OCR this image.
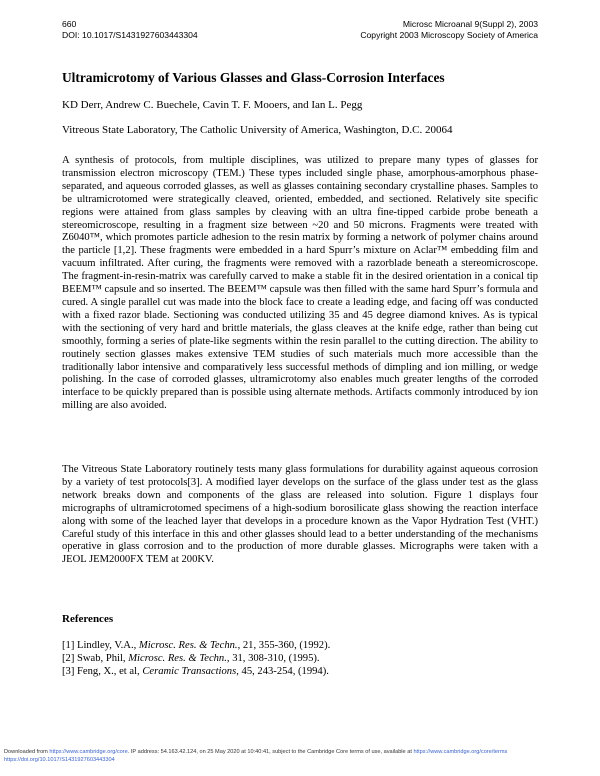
660
DOI: 10.1017/S1431927603443304
Microsc Microanal 9(Suppl 2), 2003
Copyright 2003 Microscopy Society of America
Ultramicrotomy of Various Glasses and Glass-Corrosion Interfaces
KD Derr, Andrew C. Buechele, Cavin T. F. Mooers, and Ian L. Pegg
Vitreous State Laboratory, The Catholic University of America, Washington, D.C. 20064
A synthesis of protocols, from multiple disciplines, was utilized to prepare many types of glasses for transmission electron microscopy (TEM.) These types included single phase, amorphous-amorphous phase-separated, and aqueous corroded glasses, as well as glasses containing secondary crystalline phases. Samples to be ultramicrotomed were strategically cleaved, oriented, embedded, and sectioned. Relatively site specific regions were attained from glass samples by cleaving with an ultra fine-tipped carbide probe beneath a stereomicroscope, resulting in a fragment size between ~20 and 50 microns. Fragments were treated with Z6040™, which promotes particle adhesion to the resin matrix by forming a network of polymer chains around the particle [1,2]. These fragments were embedded in a hard Spurr’s mixture on Aclar™ embedding film and vacuum infiltrated. After curing, the fragments were removed with a razorblade beneath a stereomicroscope. The fragment-in-resin-matrix was carefully carved to make a stable fit in the desired orientation in a conical tip BEEM™ capsule and so inserted. The BEEM™ capsule was then filled with the same hard Spurr’s formula and cured. A single parallel cut was made into the block face to create a leading edge, and facing off was conducted with a fixed razor blade. Sectioning was conducted utilizing 35 and 45 degree diamond knives. As is typical with the sectioning of very hard and brittle materials, the glass cleaves at the knife edge, rather than being cut smoothly, forming a series of plate-like segments within the resin parallel to the cutting direction. The ability to routinely section glasses makes extensive TEM studies of such materials much more accessible than the traditionally labor intensive and comparatively less successful methods of dimpling and ion milling, or wedge polishing. In the case of corroded glasses, ultramicrotomy also enables much greater lengths of the corroded interface to be quickly prepared than is possible using alternate methods. Artifacts commonly introduced by ion milling are also avoided.
The Vitreous State Laboratory routinely tests many glass formulations for durability against aqueous corrosion by a variety of test protocols[3]. A modified layer develops on the surface of the glass under test as the glass network breaks down and components of the glass are released into solution. Figure 1 displays four micrographs of ultramicrotomed specimens of a high-sodium borosilicate glass showing the reaction interface along with some of the leached layer that develops in a procedure known as the Vapor Hydration Test (VHT.) Careful study of this interface in this and other glasses should lead to a better understanding of the mechanisms operative in glass corrosion and to the production of more durable glasses. Micrographs were taken with a JEOL JEM2000FX TEM at 200KV.
References
[1] Lindley, V.A., Microsc. Res. & Techn., 21, 355-360, (1992).
[2] Swab, Phil, Microsc. Res. & Techn., 31, 308-310, (1995).
[3] Feng, X., et al, Ceramic Transactions, 45, 243-254, (1994).
Downloaded from https://www.cambridge.org/core. IP address: 54.163.42.124, on 25 May 2020 at 10:40:41, subject to the Cambridge Core terms of use, available at https://www.cambridge.org/core/terms
https://doi.org/10.1017/S1431927603443304
